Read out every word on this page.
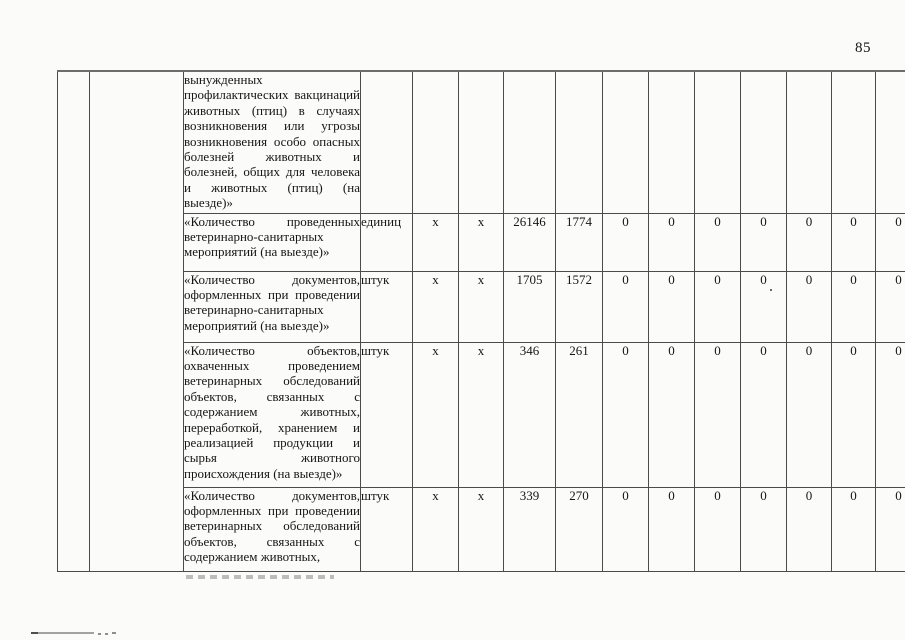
85
		вынужденных профилактических вакцинаций животных (птиц) в случаях возникновения или угрозы возникновения особо опасных болезней животных и болезней, общих для человека и животных (птиц) (на выезде)»												
		«Количество проведенных ветеринарно-санитарных мероприятий (на выезде)»	единиц	x	x	26146	1774	0	0	0	0	0	0	0
		«Количество документов, оформленных при проведении ветеринарно-санитарных мероприятий (на выезде)»	штук	x	x	1705	1572	0	0	0	0	0	0	0
		«Количество объектов, охваченных проведением ветеринарных обследований объектов, связанных с содержанием животных, переработкой, хранением и реализацией продукции и сырья животного происхождения (на выезде)»	штук	x	x	346	261	0	0	0	0	0	0	0
		«Количество документов, оформленных при проведении ветеринарных обследований объектов, связанных с содержанием животных,	штук	x	x	339	270	0	0	0	0	0	0	0
